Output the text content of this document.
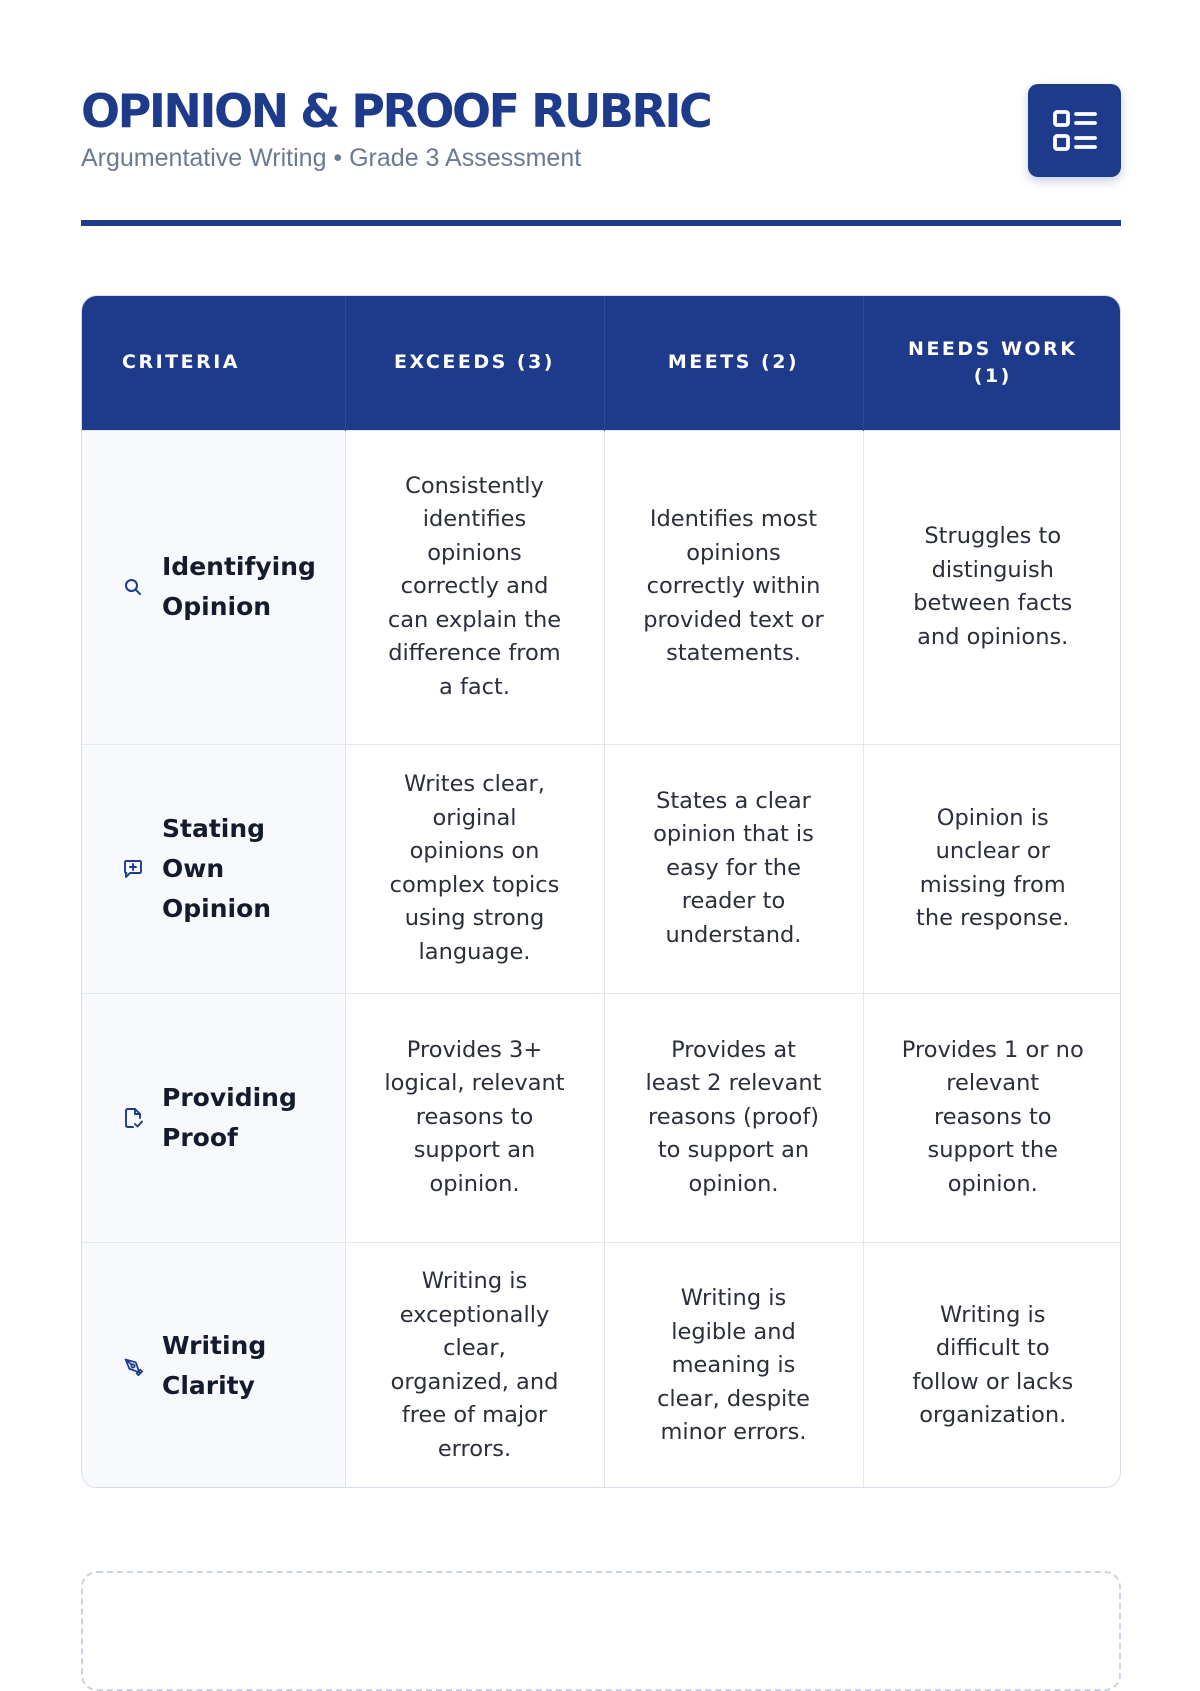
OPINION & PROOF RUBRIC
Argumentative Writing • Grade 3 Assessment
CRITERIA	EXCEEDS (3)	MEETS (2)	NEEDS WORK (1)

Identifying Opinion	Consistently identifies opinions correctly and can explain the difference from a fact.	Identifies most opinions correctly within provided text or statements.	Struggles to distinguish between facts and opinions.

Stating Own Opinion	Writes clear, original opinions on complex topics using strong language.	States a clear opinion that is easy for the reader to understand.	Opinion is unclear or missing from the response.

Providing Proof	Provides 3+ logical, relevant reasons to support an opinion.	Provides at least 2 relevant reasons (proof) to support an opinion.	Provides 1 or no relevant reasons to support the opinion.

Writing Clarity	Writing is exceptionally clear, organized, and free of major errors.	Writing is legible and meaning is clear, despite minor errors.	Writing is difficult to follow or lacks organization.
